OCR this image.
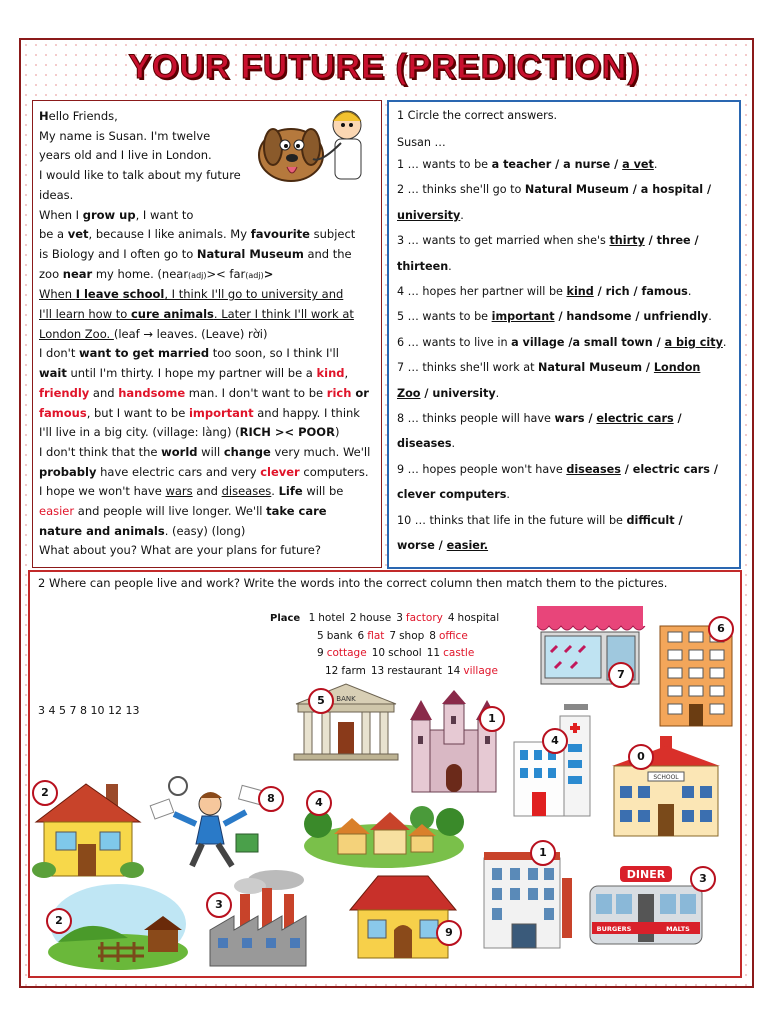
YOUR FUTURE (PREDICTION)

Hello Friends,

My name is Susan. I'm twelve

years old and I live in London.

I would like to talk about my future

ideas.

When I grow up, I want to

be a vet, because I like animals. My favourite subject

is Biology and I often go to Natural Museum and the

zoo near my home. (near(adj)>< far(adj)>

When I leave school, I think I'll go to university and

I'll learn how to cure animals. Later I think I'll work at

London Zoo. (leaf → leaves. (Leave) rời)

I don't want to get married too soon, so I think I'll

wait until I'm thirty. I hope my partner will be a kind,

friendly and handsome man. I don't want to be rich or

famous, but I want to be important and happy. I think

I'll live in a big city. (village: làng) (RICH >< POOR)

I don't think that the world will change very much. We'll

probably have electric cars and very clever computers.

I hope we won't have wars and diseases. Life will be

easier and people will live longer. We'll take care

nature and animals. (easy) (long)

What about you? What are your plans for future?

1 Circle the correct answers.

Susan …

1 … wants to be a teacher / a nurse / a vet.

2 … thinks she'll go to Natural Museum / a hospital /

university.

3 … wants to get married when she's thirty / three /

thirteen.

4 … hopes her partner will be kind / rich / famous.

5 … wants to be important / handsome / unfriendly.

6 … wants to live in a village /a small town / a big city.

7 … thinks she'll work at Natural Museum / London

Zoo / university.

8 … thinks people will have wars / electric cars /

diseases.

9 … hopes people won't have diseases / electric cars /

clever computers.

10 … thinks that life in the future will be difficult /

worse / easier.

2 Where can people live and work? Write the words into the correct column then match them to the pictures.
Place 1 hotel 2 house 3 factory 4 hospital
5 bank 6 flat 7 shop 8 office
9 cottage 10 school 11 castle
12 farm 13 restaurant 14 village
3 4 5 7 8 10 12 13
BANK
SCHOOL
HOTEL
DINER
BURGERS	MALTS
7
6
5
1
4
0
2	8	4
1
2
3
9
3
